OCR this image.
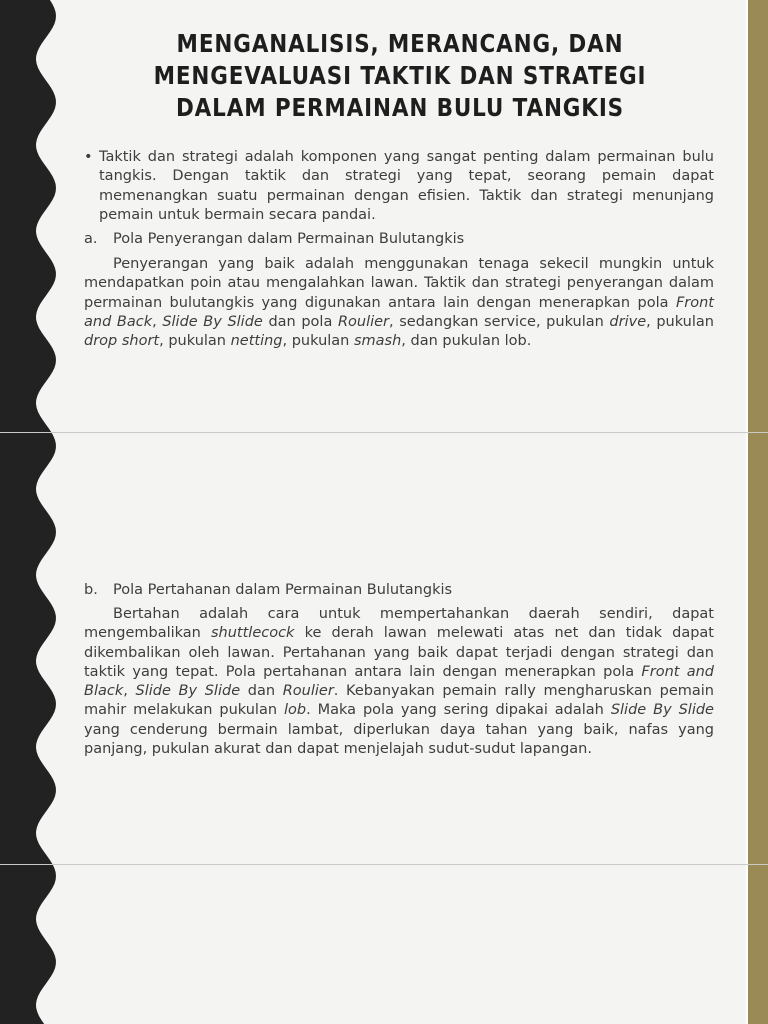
MENGANALISIS, MERANCANG, DAN MENGEVALUASI TAKTIK DAN STRATEGI DALAM PERMAINAN BULU TANGKIS
• Taktik dan strategi adalah komponen yang sangat penting dalam permainan bulu tangkis. Dengan taktik dan strategi yang tepat, seorang pemain dapat memenangkan suatu permainan dengan efisien. Taktik dan strategi menunjang pemain untuk bermain secara pandai.
a. Pola Penyerangan dalam Permainan Bulutangkis
Penyerangan yang baik adalah menggunakan tenaga sekecil mungkin untuk mendapatkan poin atau mengalahkan lawan. Taktik dan strategi penyerangan dalam permainan bulutangkis yang digunakan antara lain dengan menerapkan pola Front and Back, Slide By Slide dan pola Roulier, sedangkan service, pukulan drive, pukulan drop short, pukulan netting, pukulan smash, dan pukulan lob.
b. Pola Pertahanan dalam Permainan Bulutangkis
Bertahan adalah cara untuk mempertahankan daerah sendiri, dapat mengembalikan shuttlecock ke derah lawan melewati atas net dan tidak dapat dikembalikan oleh lawan. Pertahanan yang baik dapat terjadi dengan strategi dan taktik yang tepat. Pola pertahanan antara lain dengan menerapkan pola Front and Black, Slide By Slide dan Roulier. Kebanyakan pemain rally mengharuskan pemain mahir melakukan pukulan lob. Maka pola yang sering dipakai adalah Slide By Slide yang cenderung bermain lambat, diperlukan daya tahan yang baik, nafas yang panjang, pukulan akurat dan dapat menjelajah sudut-sudut lapangan.
